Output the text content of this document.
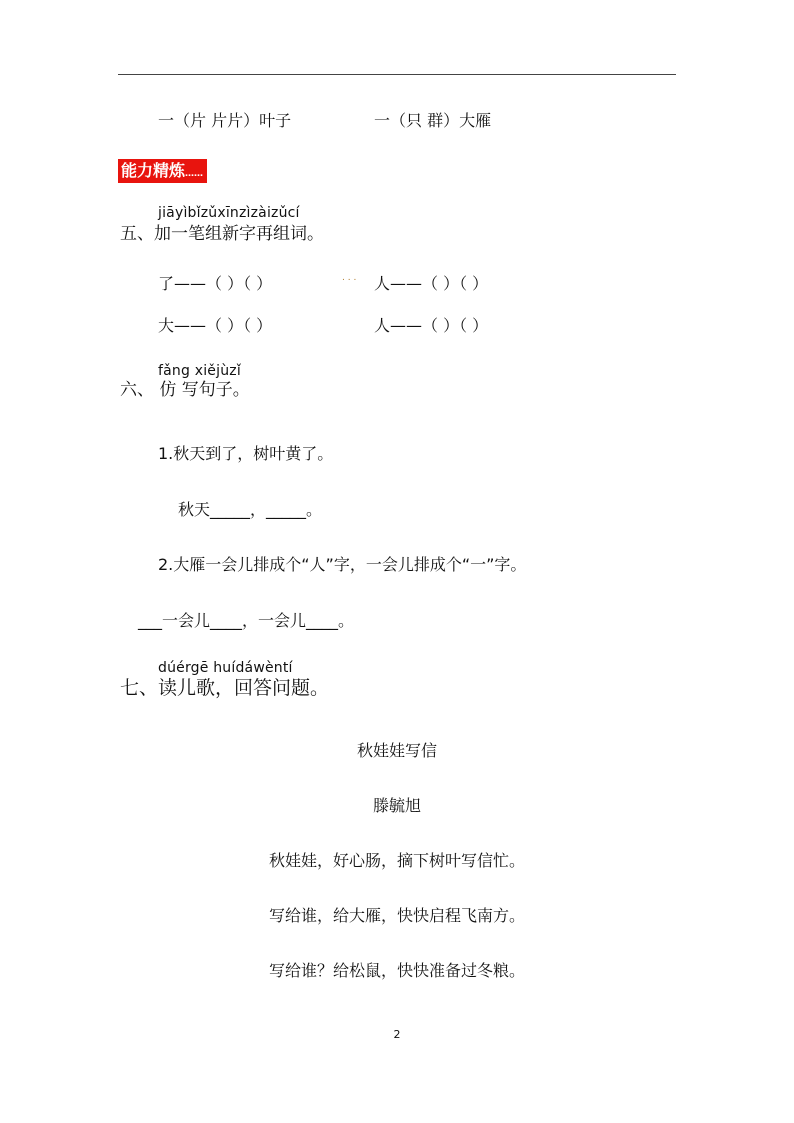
一（片 片片）叶子	一（只 群）大雁
能力精炼……
jiāyìbǐzǔxīnzìzàizǔcí
五、加一笔组新字再组词。
了——（ ）（ ）	. . . 人——（ ）（ ）
大——（ ）（ ）	人——（ ）（ ）
fǎng xiějùzǐ
六、 仿 写句子。
1.秋天到了，树叶黄了。
秋天_____，_____。
2.大雁一会儿排成个“人”字，一会儿排成个“一”字。
___一会儿____，一会儿____。
dúérgē huídáwèntí
七、读儿歌，回答问题。
秋娃娃写信
滕毓旭
秋娃娃，好心肠，摘下树叶写信忙。
写给谁，给大雁，快快启程飞南方。
写给谁？给松鼠，快快准备过冬粮。
2
